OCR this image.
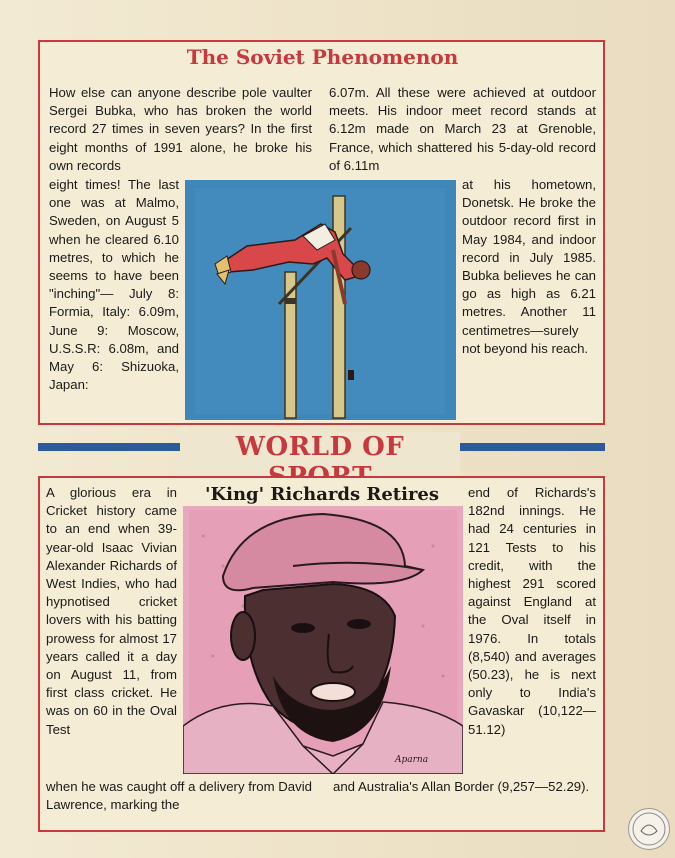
The Soviet Phenomenon

How else can anyone describe pole vaulter Sergei Bubka, who has broken the world record 27 times in seven years? In the first eight months of 1991 alone, he broke his own records

6.07m. All these were achieved at outdoor meets. His indoor meet record stands at 6.12m made on March 23 at Grenoble, France, which shattered his 5-day-old record of 6.11m

eight times! The last one was at Malmo, Sweden, on August 5 when he cleared 6.10 metres, to which he seems to have been "inching"— July 8: Formia, Italy: 6.09m, June 9: Moscow, U.S.S.R: 6.08m, and May 6: Shizuoka, Japan:

at his hometown, Donetsk. He broke the outdoor record first in May 1984, and indoor record in July 1985. Bubka believes he can go as high as 6.21 metres. Another 11 centimetres—surely not beyond his reach.

WORLD OF
'King' Richards Retires

A glorious era in Cricket history came to an end when 39-year-old Isaac Vivian Alexander Richards of West Indies, who had hypnotised cricket lovers with his batting prowess for almost 17 years called it a day on August 11, from first class cricket. He was on 60 in the Oval Test

end of Richards's 182nd innings. He had 24 centuries in 121 Tests to his credit, with the highest 291 scored against England at the Oval itself in 1976. In totals (8,540) and averages (50.23), he is next only to India's Gavaskar (10,122—51.12)

when he was caught off a delivery from David Lawrence, marking the

and Australia's Allan Border (9,257—52.29).

Aparna
